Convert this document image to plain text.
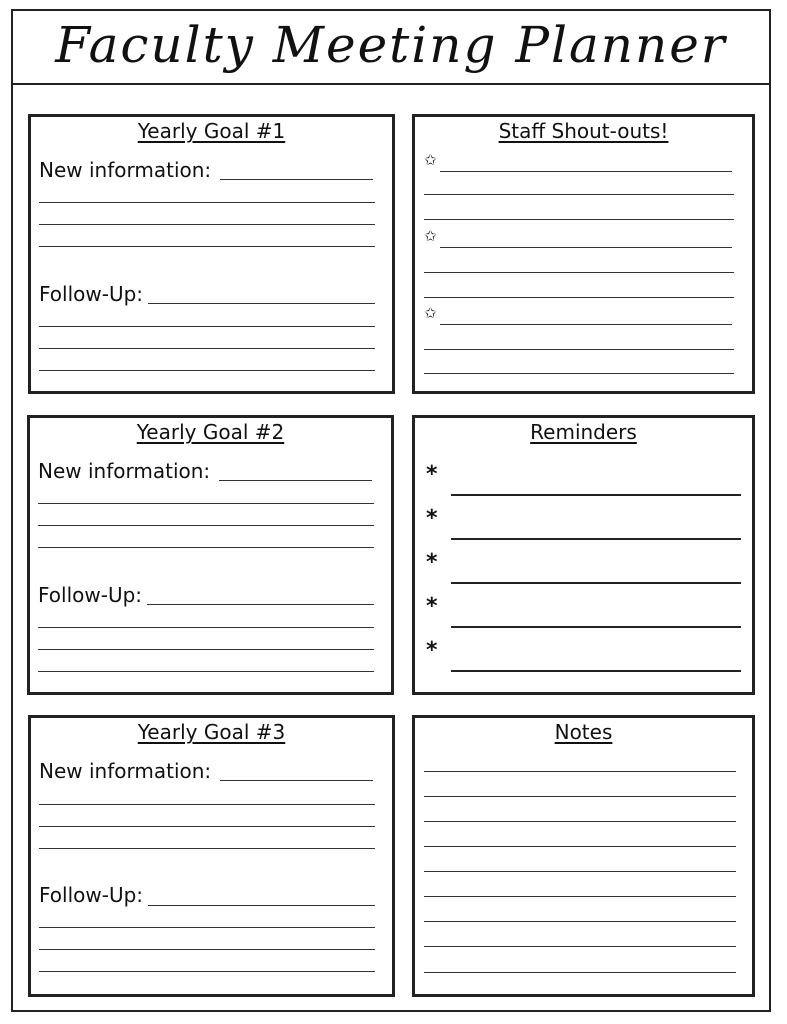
Faculty Meeting Planner
Yearly Goal #1
New information:
Follow-Up:
Staff Shout-outs!
✩
✩
✩
Yearly Goal #2
New information:
Follow-Up:
Reminders
*
*
*
*
*
Yearly Goal #3
New information:
Follow-Up:
Notes
